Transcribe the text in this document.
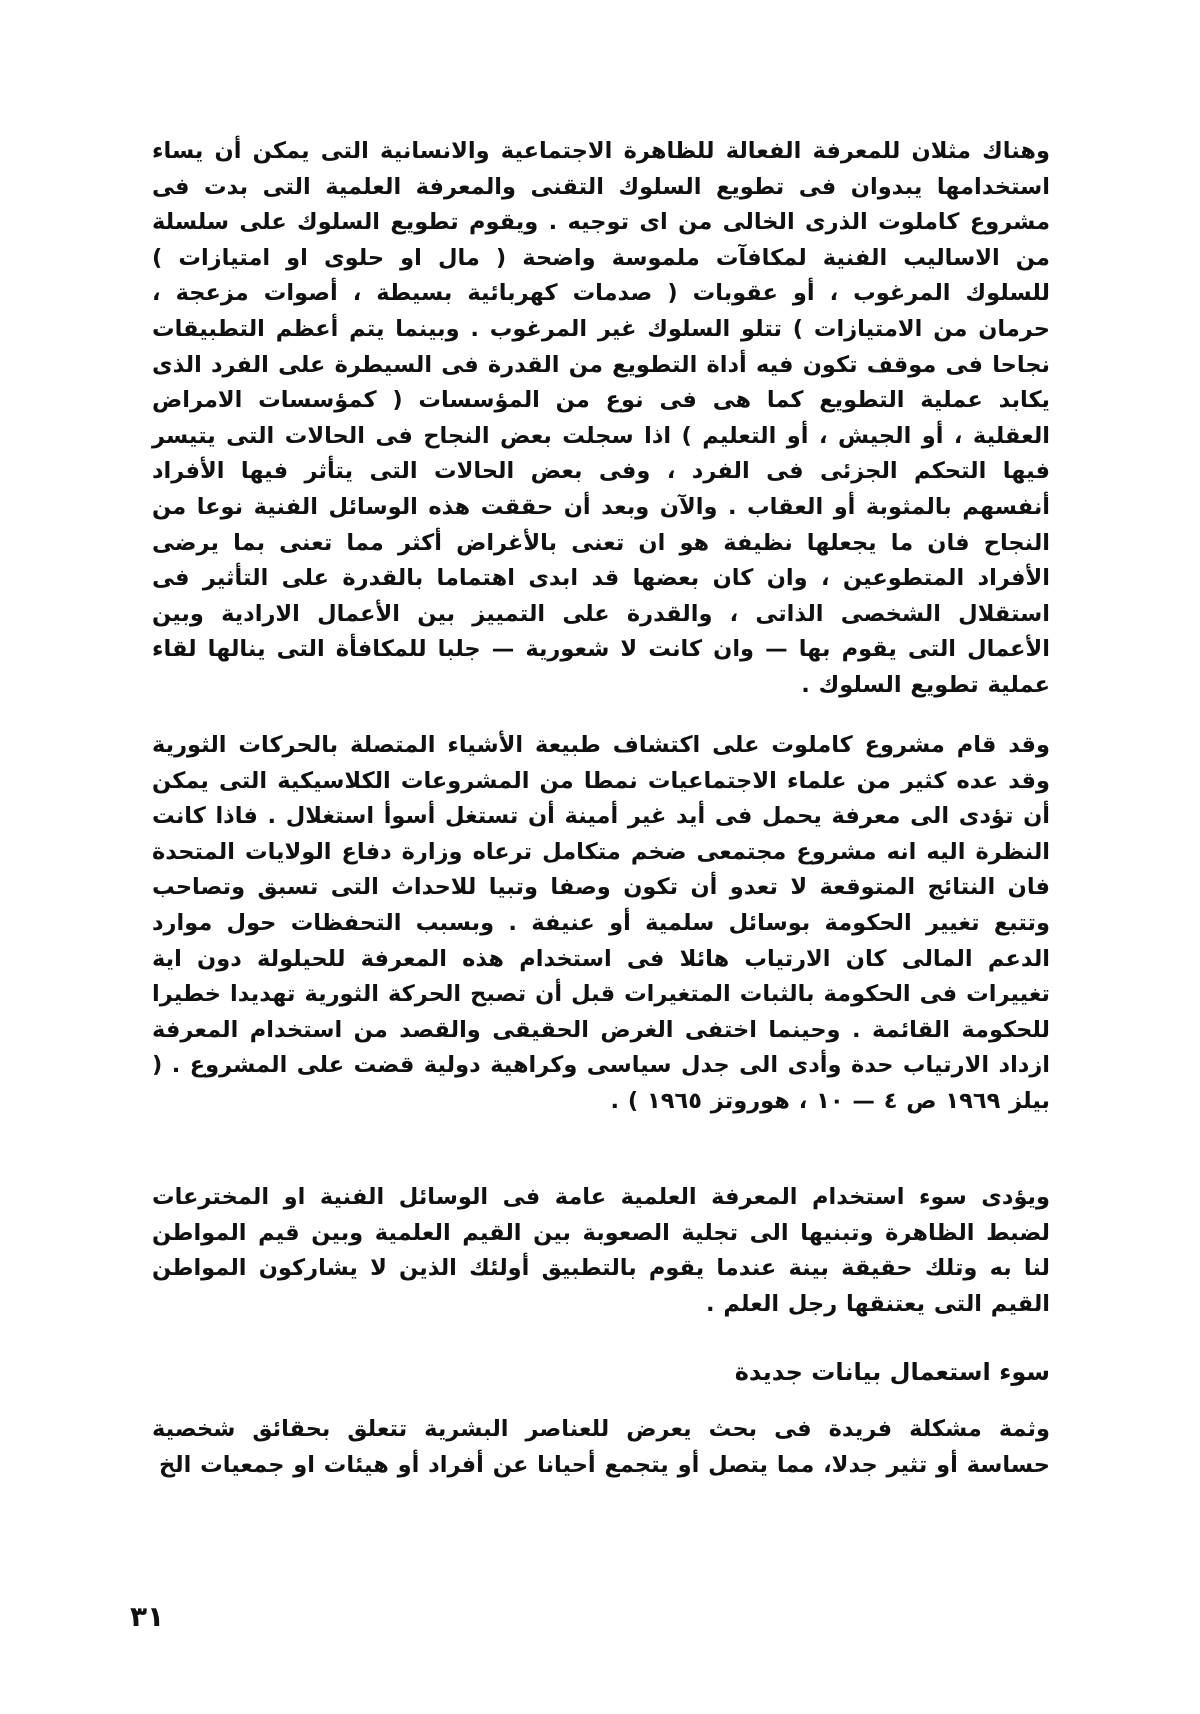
وهناك مثلان للمعرفة الفعالة للظاهرة الاجتماعية والانسانية التى يمكن أن يساء استخدامها يبدوان فى تطويع السلوك التقنى والمعرفة العلمية التى بدت فى مشروع كاملوت الذرى الخالى من اى توجيه . ويقوم تطويع السلوك على سلسلة من الاساليب الفنية لمكافآت ملموسة واضحة ( مال او حلوى او امتيازات ) للسلوك المرغوب ، أو عقوبات ( صدمات كهربائية بسيطة ، أصوات مزعجة ، حرمان من الامتيازات ) تتلو السلوك غير المرغوب . وبينما يتم أعظم التطبيقات نجاحا فى موقف تكون فيه أداة التطويع من القدرة فى السيطرة على الفرد الذى يكابد عملية التطويع كما هى فى نوع من المؤسسات ( كمؤسسات الامراض العقلية ، أو الجيش ، أو التعليم ) اذا سجلت بعض النجاح فى الحالات التى يتيسر فيها التحكم الجزئى فى الفرد ، وفى بعض الحالات التى يتأثر فيها الأفراد أنفسهم بالمثوبة أو العقاب . والآن وبعد أن حققت هذه الوسائل الفنية نوعا من النجاح فان ما يجعلها نظيفة هو ان تعنى بالأغراض أكثر مما تعنى بما يرضى الأفراد المتطوعين ، وان كان بعضها قد ابدى اهتماما بالقدرة على التأثير فى استقلال الشخصى الذاتى ، والقدرة على التمييز بين الأعمال الارادية وبين الأعمال التى يقوم بها — وان كانت لا شعورية — جلبا للمكافأة التى ينالها لقاء عملية تطويع السلوك .

وقد قام مشروع كاملوت على اكتشاف طبيعة الأشياء المتصلة بالحركات الثورية وقد عده كثير من علماء الاجتماعيات نمطا من المشروعات الكلاسيكية التى يمكن أن تؤدى الى معرفة يحمل فى أيد غير أمينة أن تستغل أسوأ استغلال . فاذا كانت النظرة اليه انه مشروع مجتمعى ضخم متكامل ترعاه وزارة دفاع الولايات المتحدة فان النتائج المتوقعة لا تعدو أن تكون وصفا وتبيا للاحداث التى تسبق وتصاحب وتتبع تغيير الحكومة بوسائل سلمية أو عنيفة . وبسبب التحفظات حول موارد الدعم المالى كان الارتياب هائلا فى استخدام هذه المعرفة للحيلولة دون اية تغييرات فى الحكومة بالثبات المتغيرات قبل أن تصبح الحركة الثورية تهديدا خطيرا للحكومة القائمة . وحينما اختفى الغرض الحقيقى والقصد من استخدام المعرفة ازداد الارتياب حدة وأدى الى جدل سياسى وكراهية دولية قضت على المشروع . ( بيلز ١٩٦٩ ص ٤ — ١٠ ، هوروتز ١٩٦٥ ) .

ويؤدى سوء استخدام المعرفة العلمية عامة فى الوسائل الفنية او المخترعات لضبط الظاهرة وتبنيها الى تجلية الصعوبة بين القيم العلمية وبين قيم المواطن لنا به وتلك حقيقة بينة عندما يقوم بالتطبيق أولئك الذين لا يشاركون المواطن القيم التى يعتنقها رجل العلم .

سوء استعمال بيانات جديدة

وثمة مشكلة فريدة فى بحث يعرض للعناصر البشرية تتعلق بحقائق شخصية حساسة أو تثير جدلا، مما يتصل أو يتجمع أحيانا عن أفراد أو هيئات او جمعيات الخ

٣١
